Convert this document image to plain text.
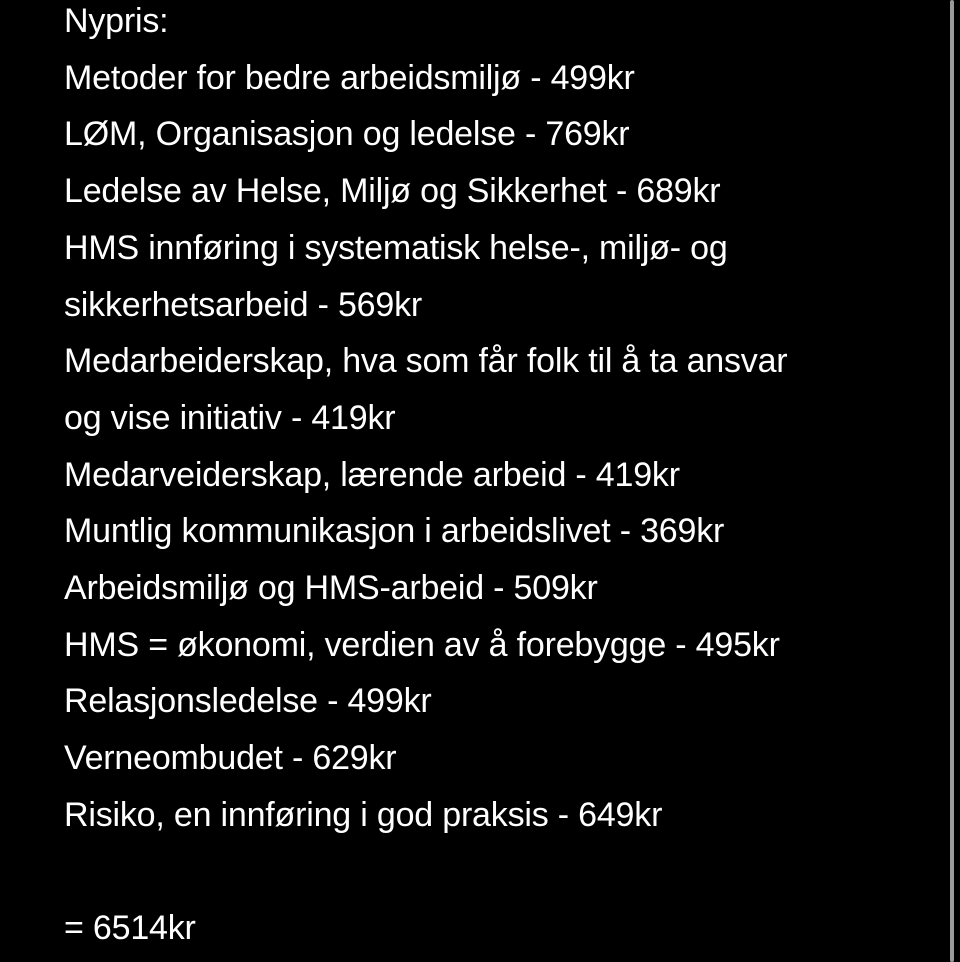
Nypris:
Metoder for bedre arbeidsmiljø - 499kr
LØM, Organisasjon og ledelse - 769kr
Ledelse av Helse, Miljø og Sikkerhet - 689kr
HMS innføring i systematisk helse-, miljø- og
sikkerhetsarbeid - 569kr
Medarbeiderskap, hva som får folk til å ta ansvar
og vise initiativ - 419kr
Medarveiderskap, lærende arbeid - 419kr
Muntlig kommunikasjon i arbeidslivet - 369kr
Arbeidsmiljø og HMS-arbeid - 509kr
HMS = økonomi, verdien av å forebygge - 495kr
Relasjonsledelse - 499kr
Verneombudet - 629kr
Risiko, en innføring i god praksis - 649kr
= 6514kr
